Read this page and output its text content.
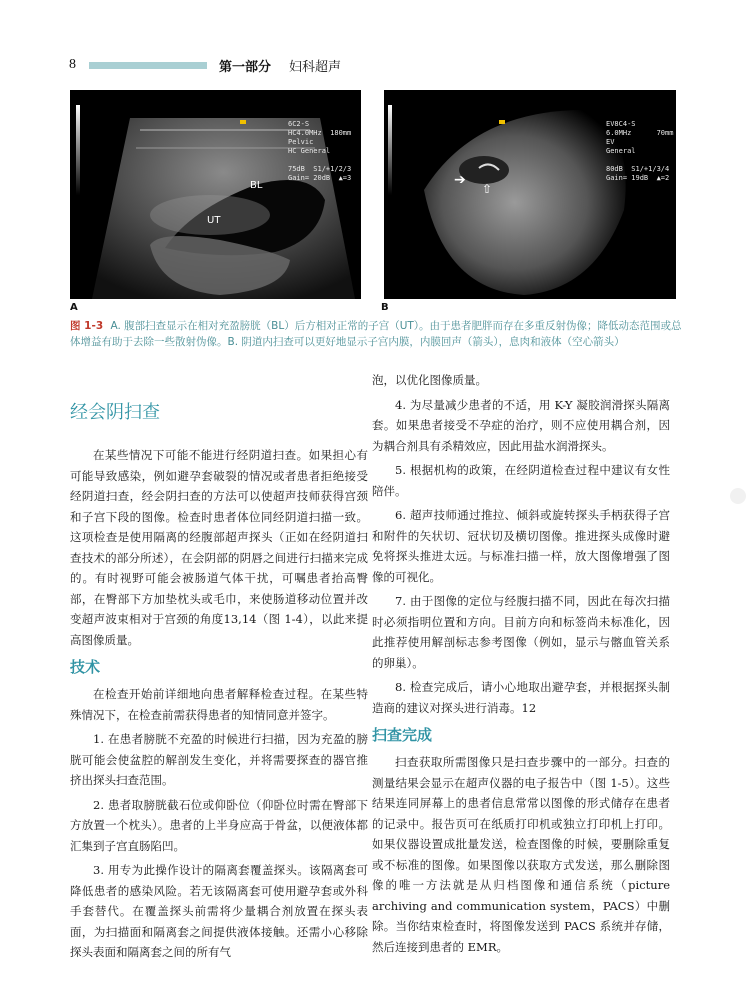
8	第一部分 妇科超声
6C2-S
HC4.0MHz  180mm
Pelvic
HC General

75dB  S1/+1/2/3
Gain= 20dB  ▲=3
BL
UT
A
➔
⇧
EV8C4-S
6.0MHz      70mm
EV
General

80dB  S1/+1/3/4
Gain= 19dB  ▲=2
B
图 1-3 A. 腹部扫查显示在相对充盈膀胱（BL）后方相对正常的子宫（UT）。由于患者肥胖而存在多重反射伪像；降低动态范围或总体增益有助于去除一些散射伪像。B. 阴道内扫查可以更好地显示子宫内膜，内膜回声（箭头），息肉和液体（空心箭头）
经会阴扫查

在某些情况下可能不能进行经阴道扫查。如果担心有可能导致感染，例如避孕套破裂的情况或者患者拒绝接受经阴道扫查，经会阴扫查的方法可以使超声技师获得宫颈和子宫下段的图像。检查时患者体位同经阴道扫描一致。这项检查是使用隔离的经腹部超声探头（正如在经阴道扫查技术的部分所述），在会阴部的阴唇之间进行扫描来完成的。有时视野可能会被肠道气体干扰，可嘱患者抬高臀部，在臀部下方加垫枕头或毛巾，来使肠道移动位置并改变超声波束相对于宫颈的角度13,14（图 1-4），以此来提高图像质量。

技术

在检查开始前详细地向患者解释检查过程。在某些特殊情况下，在检查前需获得患者的知情同意并签字。

1. 在患者膀胱不充盈的时候进行扫描，因为充盈的膀胱可能会使盆腔的解剖发生变化，并将需要探查的器官推挤出探头扫查范围。

2. 患者取膀胱截石位或仰卧位（仰卧位时需在臀部下方放置一个枕头）。患者的上半身应高于骨盆，以便液体都汇集到子宫直肠陷凹。

3. 用专为此操作设计的隔离套覆盖探头。该隔离套可降低患者的感染风险。若无该隔离套可使用避孕套或外科手套替代。在覆盖探头前需将少量耦合剂放置在探头表面，为扫描面和隔离套之间提供液体接触。还需小心移除探头表面和隔离套之间的所有气

泡，以优化图像质量。

4. 为尽量减少患者的不适，用 K-Y 凝胶润滑探头隔离套。如果患者接受不孕症的治疗，则不应使用耦合剂，因为耦合剂具有杀精效应，因此用盐水润滑探头。

5. 根据机构的政策，在经阴道检查过程中建议有女性陪伴。

6. 超声技师通过推拉、倾斜或旋转探头手柄获得子宫和附件的矢状切、冠状切及横切图像。推进探头成像时避免将探头推进太远。与标准扫描一样，放大图像增强了图像的可视化。

7. 由于图像的定位与经腹扫描不同，因此在每次扫描时必须指明位置和方向。目前方向和标签尚未标准化，因此推荐使用解剖标志参考图像（例如，显示与髂血管关系的卵巢）。

8. 检查完成后，请小心地取出避孕套，并根据探头制造商的建议对探头进行消毒。12

扫查完成

扫查获取所需图像只是扫查步骤中的一部分。扫查的测量结果会显示在超声仪器的电子报告中（图 1-5）。这些结果连同屏幕上的患者信息常常以图像的形式储存在患者的记录中。报告页可在纸质打印机或独立打印机上打印。如果仪器设置成批量发送，检查图像的时候，要删除重复或不标准的图像。如果图像以获取方式发送，那么删除图像的唯一方法就是从归档图像和通信系统（picture archiving and communication system，PACS）中删除。当你结束检查时，将图像发送到 PACS 系统并存储，然后连接到患者的 EMR。
